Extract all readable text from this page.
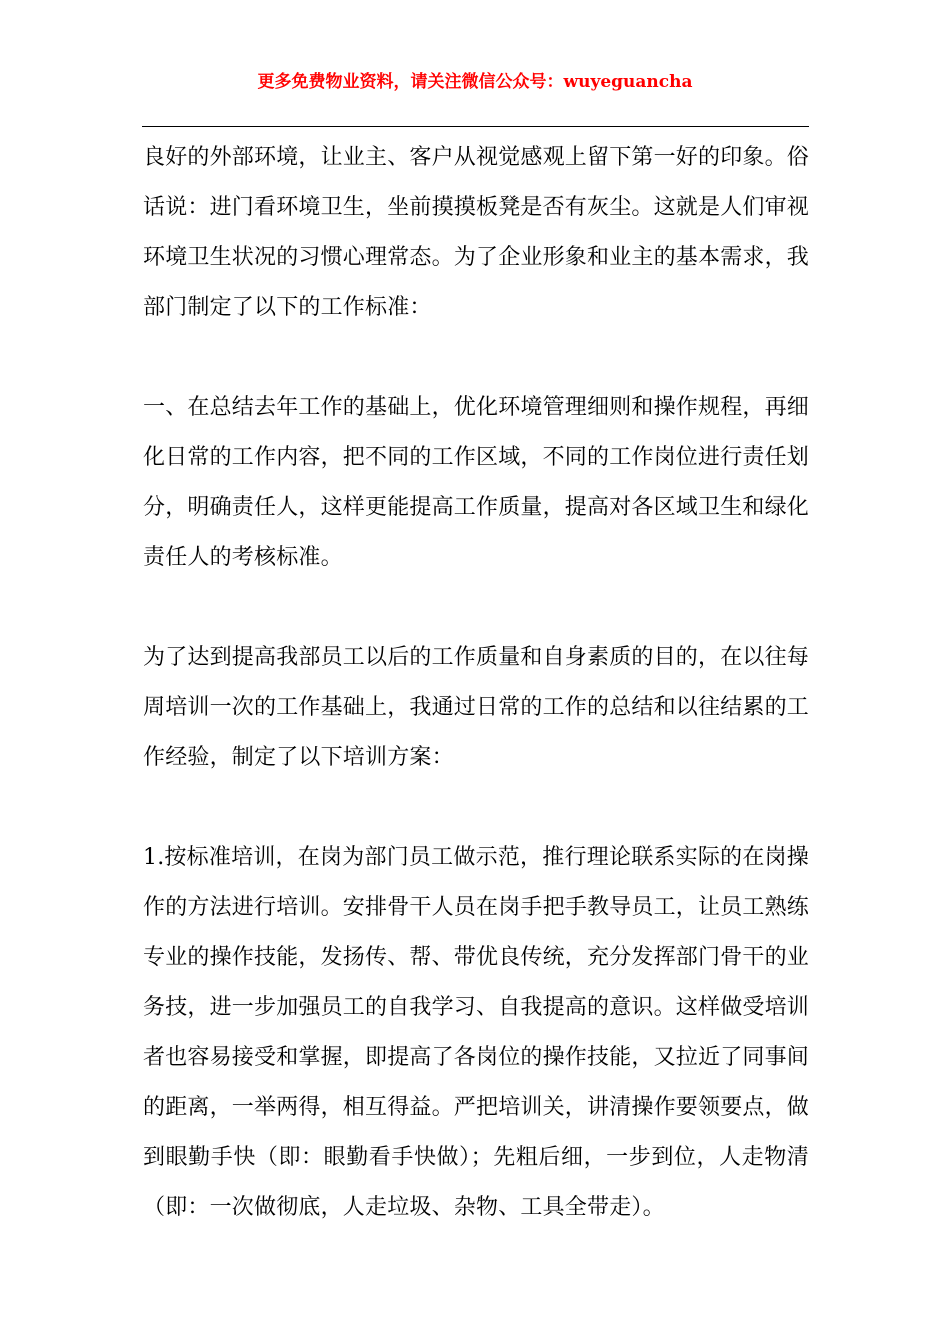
更多免费物业资料，请关注微信公众号：wuyeguancha

良好的外部环境，让业主、客户从视觉感观上留下第一好的印象。俗话说：进门看环境卫生，坐前摸摸板凳是否有灰尘。这就是人们审视环境卫生状况的习惯心理常态。为了企业形象和业主的基本需求，我部门制定了以下的工作标准：

一、在总结去年工作的基础上，优化环境管理细则和操作规程，再细化日常的工作内容，把不同的工作区域，不同的工作岗位进行责任划分，明确责任人，这样更能提高工作质量，提高对各区域卫生和绿化责任人的考核标准。

为了达到提高我部员工以后的工作质量和自身素质的目的，在以往每周培训一次的工作基础上，我通过日常的工作的总结和以往结累的工作经验，制定了以下培训方案：

1.按标准培训，在岗为部门员工做示范，推行理论联系实际的在岗操作的方法进行培训。安排骨干人员在岗手把手教导员工，让员工熟练专业的操作技能，发扬传、帮、带优良传统，充分发挥部门骨干的业务技，进一步加强员工的自我学习、自我提高的意识。这样做受培训者也容易接受和掌握，即提高了各岗位的操作技能，又拉近了同事间的距离，一举两得，相互得益。严把培训关，讲清操作要领要点，做到眼勤手快（即：眼勤看手快做）；先粗后细，一步到位，人走物清（即：一次做彻底，人走垃圾、杂物、工具全带走）。
